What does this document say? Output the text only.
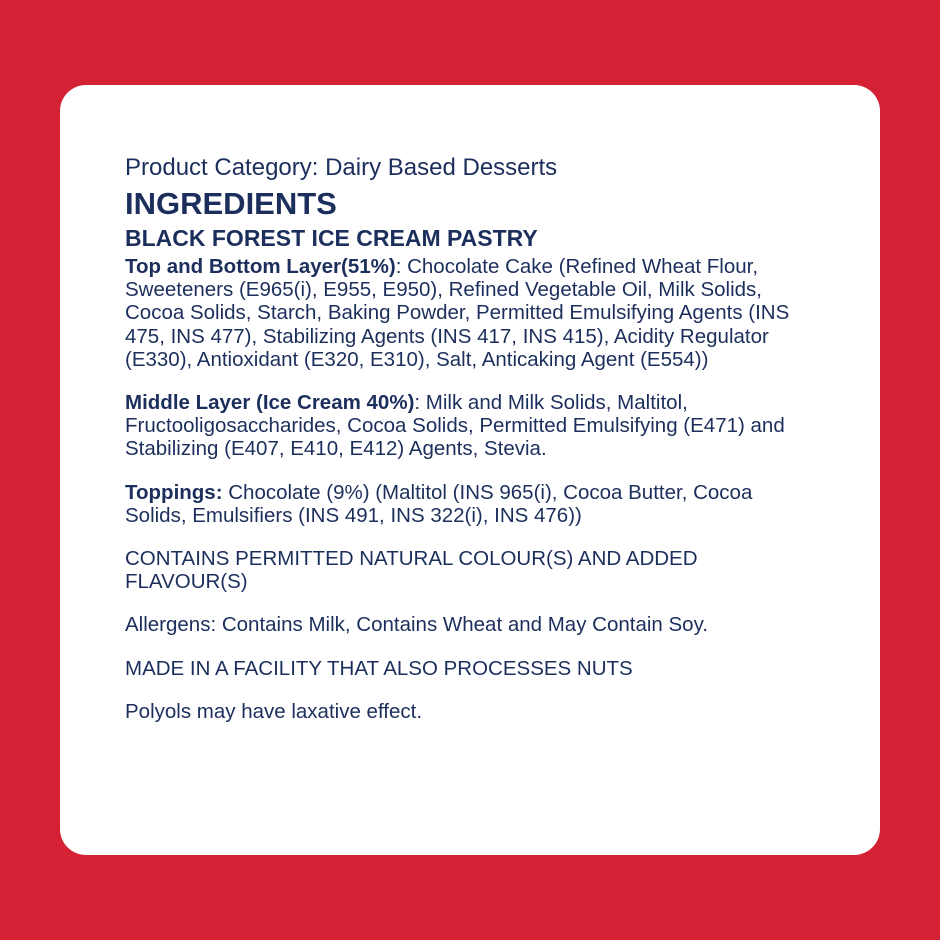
Product Category: Dairy Based Desserts

INGREDIENTS
BLACK FOREST ICE CREAM PASTRY

Top and Bottom Layer(51%): Chocolate Cake (Refined Wheat Flour, Sweeteners (E965(i), E955, E950), Refined Vegetable Oil, Milk Solids, Cocoa Solids, Starch, Baking Powder, Permitted Emulsifying Agents (INS 475, INS 477), Stabilizing Agents (INS 417, INS 415), Acidity Regulator (E330), Antioxidant (E320, E310), Salt, Anticaking Agent (E554))

Middle Layer (Ice Cream 40%): Milk and Milk Solids, Maltitol, Fructooligosaccharides, Cocoa Solids, Permitted Emulsifying (E471) and Stabilizing (E407, E410, E412) Agents, Stevia.

Toppings: Chocolate (9%) (Maltitol (INS 965(i), Cocoa Butter, Cocoa Solids, Emulsifiers (INS 491, INS 322(i), INS 476))

CONTAINS PERMITTED NATURAL COLOUR(S) AND ADDED FLAVOUR(S)

Allergens: Contains Milk, Contains Wheat and May Contain Soy.

MADE IN A FACILITY THAT ALSO PROCESSES NUTS

Polyols may have laxative effect.
